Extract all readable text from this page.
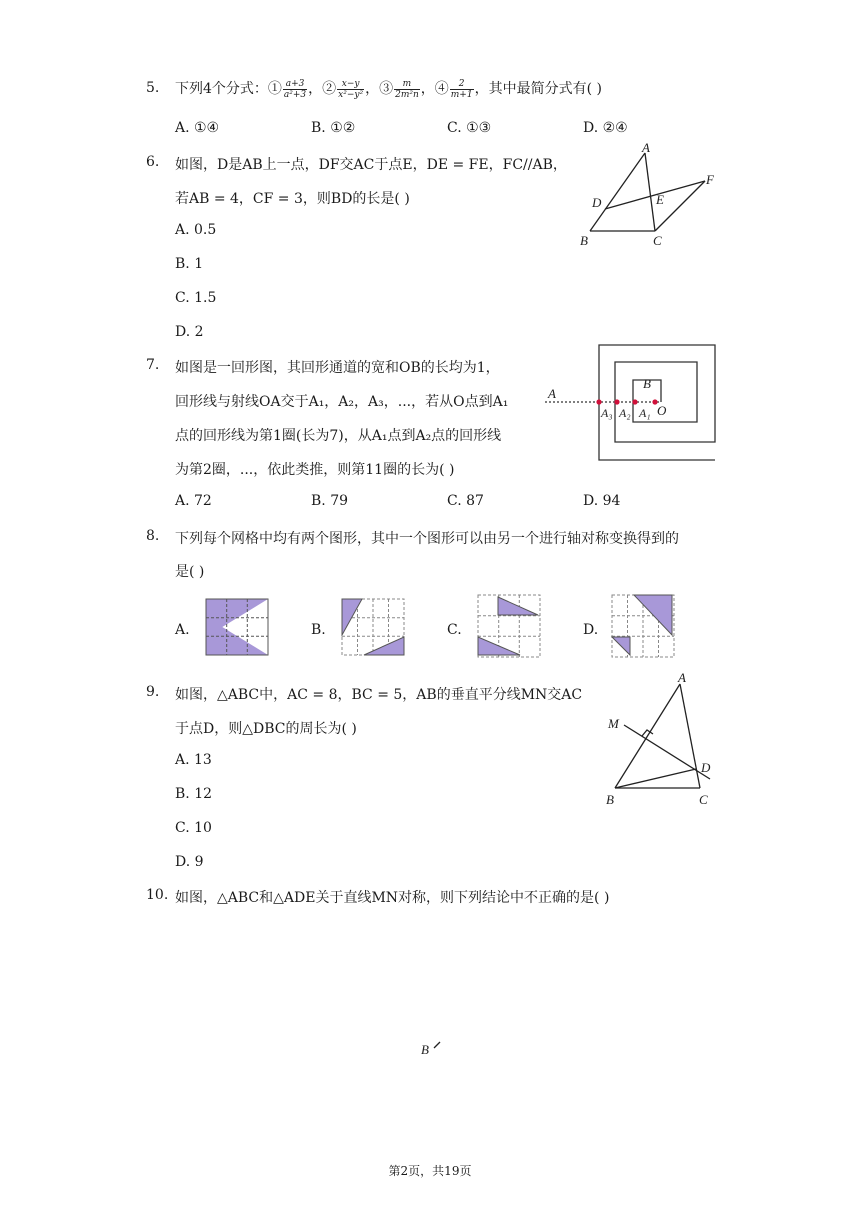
5. 下列4个分式：① $\frac{a+3}{\text{a²+3}}$ ，② $\frac{x-y}{\text{x²−y²}}$ ，③ $\frac{m}{\text{2m²n}}$ ，④ $\frac{2}{m+1}$ ，其中最简分式有( )
A. ①④	B. ①②	C. ①③	D. ②④
6. 如图，D是AB上一点，DF交AC于点E，DE = FE，FC//AB，
若AB = 4，CF = 3，则BD的长是( )
A. 0.5
B. 1
C. 1.5
D. 2
A
B	C
D	E
F
7. 如图是一回形图，其回形通道的宽和OB的长均为1，
回形线与射线OA交于A₁，A₂，A₃，...，若从O点到A₁
点的回形线为第1圈(长为7)，从A₁点到A₂点的回形线
为第2圈，...，依此类推，则第11圈的长为( )
A. 72	B. 79	C. 87	D. 94
A
B
O
A₁
A₂
A₃
8. 下列每个网格中均有两个图形，其中一个图形可以由另一个进行轴对称变换得到的
是( )
A.	B.	C.	D.
9. 如图，△ABC中，AC = 8，BC = 5，AB的垂直平分线MN交AC
于点D，则△DBC的周长为( )
A. 13
B. 12
C. 10
D. 9
A
B	C
D
M
10. 如图，△ABC和△ADE关于直线MN对称，则下列结论中不正确的是( )
B
第2页，共19页
